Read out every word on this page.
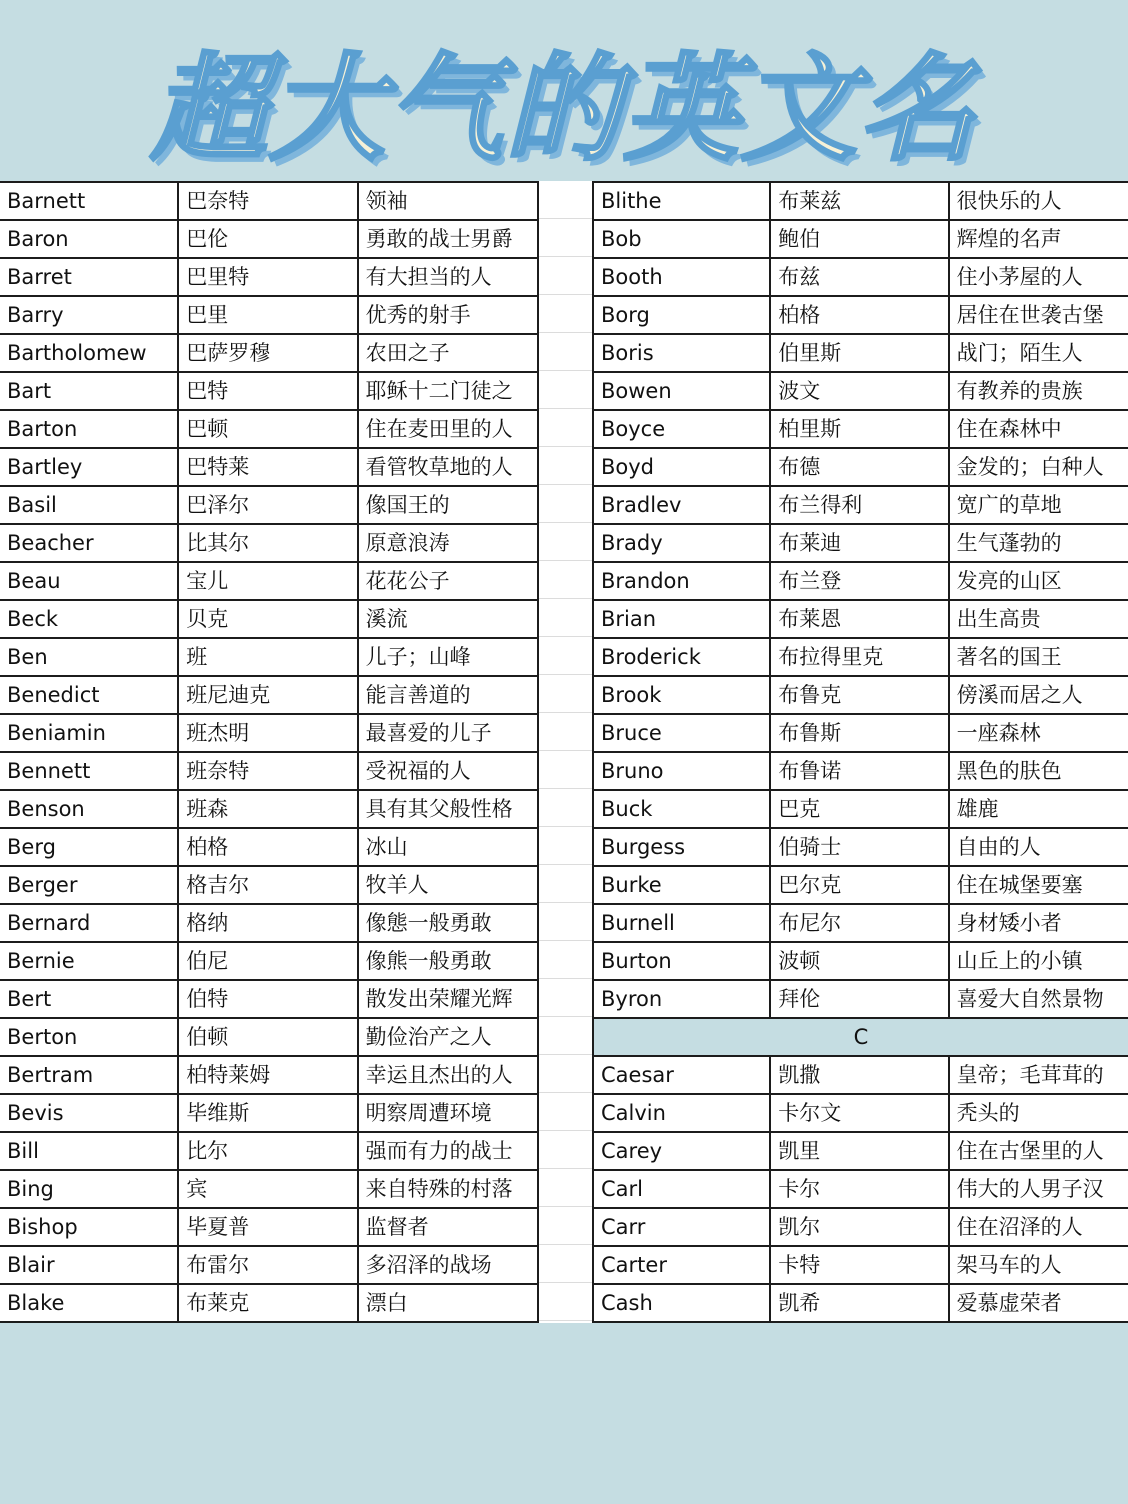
超大气的英文名
Barnett	巴奈特	领袖
Baron	巴伦	勇敢的战士男爵
Barret	巴里特	有大担当的人
Barry	巴里	优秀的射手
Bartholomew	巴萨罗穆	农田之子
Bart	巴特	耶稣十二门徒之
Barton	巴顿	住在麦田里的人
Bartley	巴特莱	看管牧草地的人
Basil	巴泽尔	像国王的
Beacher	比其尔	原意浪涛
Beau	宝儿	花花公子
Beck	贝克	溪流
Ben	班	儿子；山峰
Benedict	班尼迪克	能言善道的
Beniamin	班杰明	最喜爱的儿子
Bennett	班奈特	受祝福的人
Benson	班森	具有其父般性格
Berg	柏格	冰山
Berger	格吉尔	牧羊人
Bernard	格纳	像態一般勇敢
Bernie	伯尼	像熊一般勇敢
Bert	伯特	散发出荣耀光辉
Berton	伯顿	勤俭治产之人
Bertram	柏特莱姆	幸运且杰出的人
Bevis	毕维斯	明察周遭环境
Bill	比尔	强而有力的战士
Bing	宾	来自特殊的村落
Bishop	毕夏普	监督者
Blair	布雷尔	多沼泽的战场
Blake	布莱克	漂白
Blithe	布莱兹	很快乐的人
Bob	鲍伯	辉煌的名声
Booth	布兹	住小茅屋的人
Borg	柏格	居住在世袭古堡
Boris	伯里斯	战门；陌生人
Bowen	波文	有教养的贵族
Boyce	柏里斯	住在森林中
Boyd	布德	金发的；白种人
Bradlev	布兰得利	宽广的草地
Brady	布莱迪	生气蓬勃的
Brandon	布兰登	发亮的山区
Brian	布莱恩	出生高贵
Broderick	布拉得里克	著名的国王
Brook	布鲁克	傍溪而居之人
Bruce	布鲁斯	一座森林
Bruno	布鲁诺	黑色的肤色
Buck	巴克	雄鹿
Burgess	伯骑士	自由的人
Burke	巴尔克	住在城堡要塞
Burnell	布尼尔	身材矮小者
Burton	波顿	山丘上的小镇
Byron	拜伦	喜爱大自然景物
C		
Caesar	凯撒	皇帝；毛茸茸的
Calvin	卡尔文	秃头的
Carey	凯里	住在古堡里的人
Carl	卡尔	伟大的人男子汉
Carr	凯尔	住在沼泽的人
Carter	卡特	架马车的人
Cash	凯希	爱慕虚荣者
